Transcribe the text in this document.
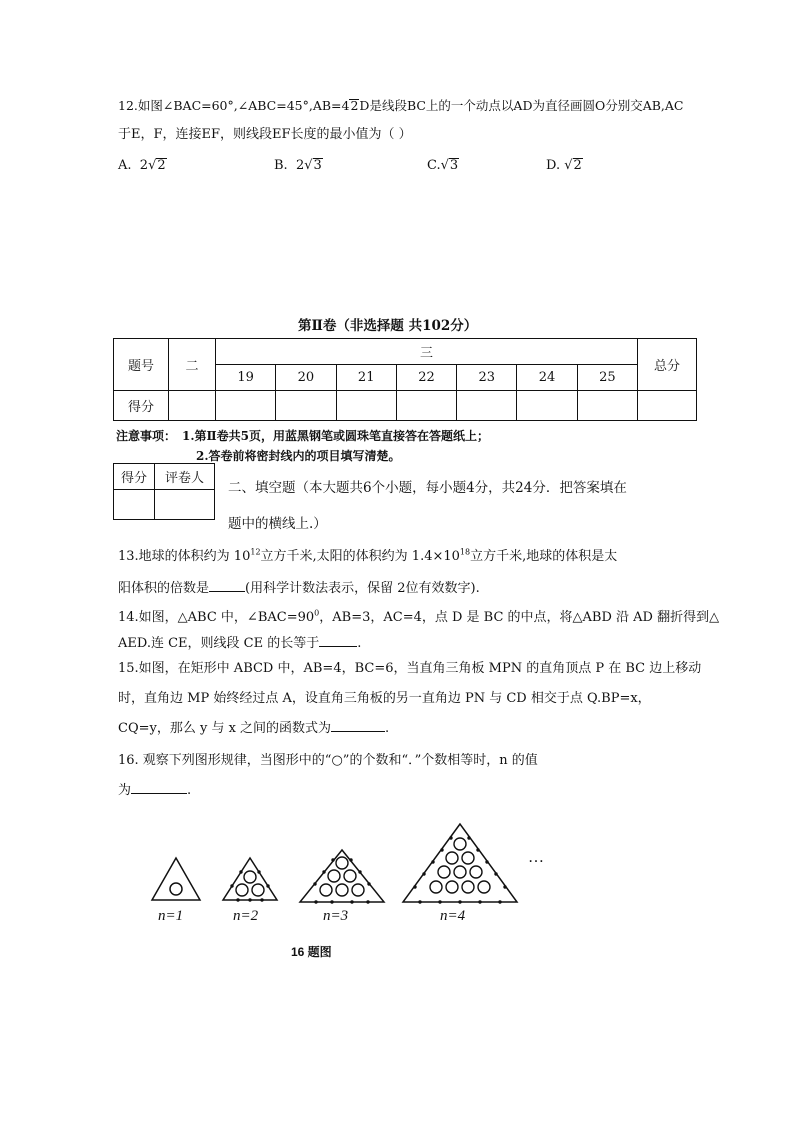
12.如图∠BAC=60°,∠ABC=45°,AB=42D是线段BC上的一个动点以AD为直径画圆O分别交AB,AC
于E，F，连接EF，则线段EF长度的最小值为（ ）
A. 2√2	B. 2√3	C.√3	D. √2
第Ⅱ卷（非选择题 共102分）
题号	二	三							总分
		19	20	21	22	23	24	25	
得分									
注意事项： 1.第Ⅱ卷共5页，用蓝黑钢笔或圆珠笔直接答在答题纸上；
2.答卷前将密封线内的项目填写清楚。
得分	评卷人

二、填空题（本大题共6个小题，每小题4分，共24分．把答案填在
题中的横线上.）
13.地球的体积约为 $10^{12}$立方千米,太阳的体积约为 $1.4\times 10^{18}$立方千米,地球的体积是太
阳体积的倍数是	(用科学计数法表示，保留 2位有效数字).
14.如图，△ABC 中，$\angle BAC=90^0$，AB=3，AC=4，点 D 是 BC 的中点，将△ABD 沿 AD 翻折得到△
AED.连 CE，则线段 CE 的长等于	.
15.如图，在矩形中 ABCD 中，AB=4，BC=6，当直角三角板 MPN 的直角顶点 P 在 BC 边上移动
时，直角边 MP 始终经过点 A，设直角三角板的另一直角边 PN 与 CD 相交于点 Q.BP=x，
CQ=y，那么 y 与 x 之间的函数式为	.
16. 观察下列图形规律，当图形中的“○”的个数和“．”个数相等时，n 的值
为	.
…
n=1	n=2	n=3	n=4
16 题图
